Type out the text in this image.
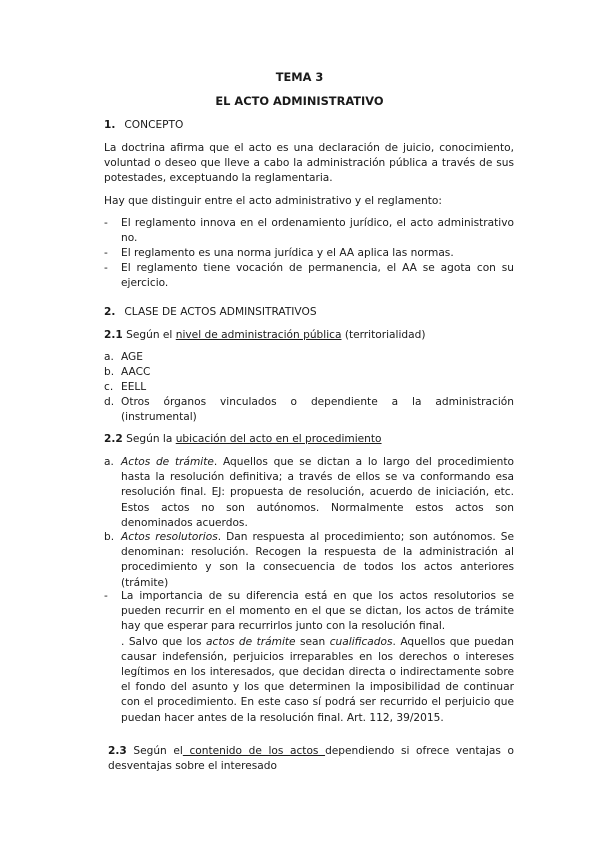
TEMA 3
EL ACTO ADMINISTRATIVO
1. CONCEPTO
La doctrina afirma que el acto es una declaración de juicio, conocimiento, voluntad o deseo que lleve a cabo la administración pública a través de sus potestades, exceptuando la reglamentaria.
Hay que distinguir entre el acto administrativo y el reglamento:
- El reglamento innova en el ordenamiento jurídico, el acto administrativo no.
- El reglamento es una norma jurídica y el AA aplica las normas.
- El reglamento tiene vocación de permanencia, el AA se agota con su ejercicio.
2. CLASE DE ACTOS ADMINSITRATIVOS
2.1 Según el nivel de administración pública (territorialidad)
a. AGE
b. AACC
c. EELL
d. Otros órganos vinculados o dependiente a la administración (instrumental)
2.2 Según la ubicación del acto en el procedimiento
a. Actos de trámite. Aquellos que se dictan a lo largo del procedimiento hasta la resolución definitiva; a través de ellos se va conformando esa resolución final. EJ: propuesta de resolución, acuerdo de iniciación, etc. Estos actos no son autónomos. Normalmente estos actos son denominados acuerdos.
b. Actos resolutorios. Dan respuesta al procedimiento; son autónomos. Se denominan: resolución. Recogen la respuesta de la administración al procedimiento y son la consecuencia de todos los actos anteriores (trámite)
- La importancia de su diferencia está en que los actos resolutorios se pueden recurrir en el momento en el que se dictan, los actos de trámite hay que esperar para recurrirlos junto con la resolución final.
. Salvo que los actos de trámite sean cualificados. Aquellos que puedan causar indefensión, perjuicios irreparables en los derechos o intereses legítimos en los interesados, que decidan directa o indirectamente sobre el fondo del asunto y los que determinen la imposibilidad de continuar con el procedimiento. En este caso sí podrá ser recurrido el perjuicio que puedan hacer antes de la resolución final. Art. 112, 39/2015.
2.3 Según el contenido de los actos dependiendo si ofrece ventajas o desventajas sobre el interesado
